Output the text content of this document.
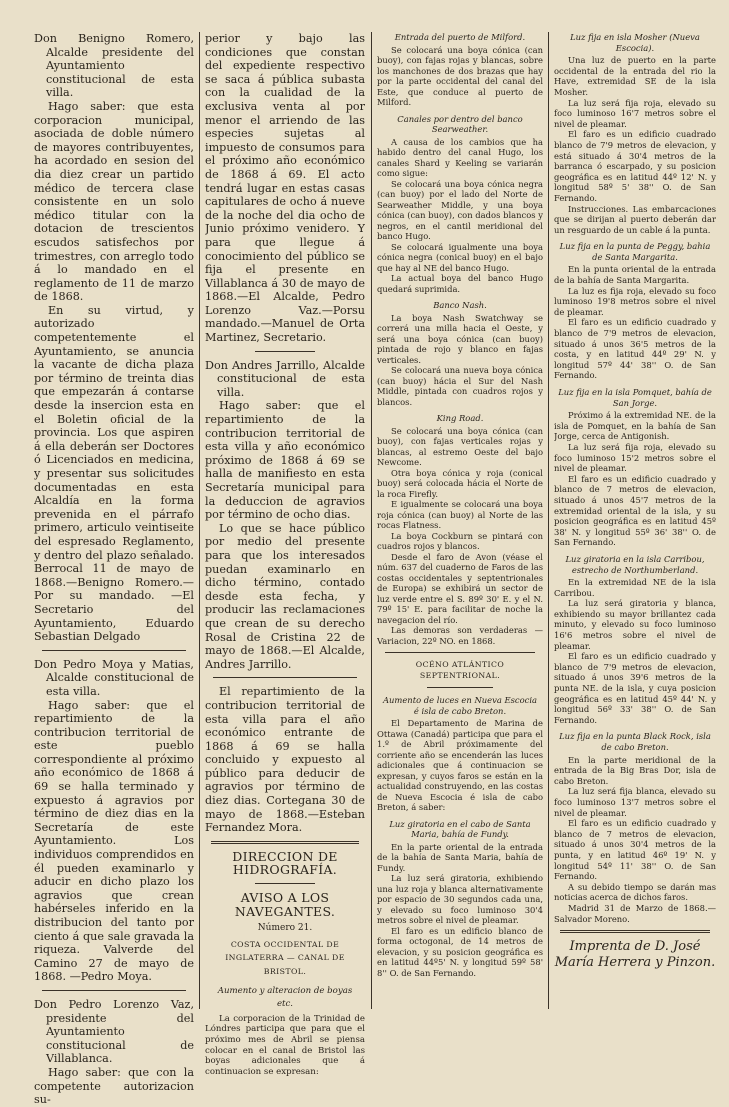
Don Benigno Romero, Alcalde presidente del Ayuntamiento constitucional de esta villa.

Hago saber: que esta corporacion municipal, asociada de doble número de mayores contribuyentes, ha acordado en sesion del dia diez crear un partido médico de tercera clase consistente en un solo médico titular con la dotacion de trescientos escudos satisfechos por trimestres, con arreglo todo á lo mandado en el reglamento de 11 de marzo de 1868.

En su virtud, y autorizado competentemente el Ayuntamiento, se anuncia la vacante de dicha plaza por término de treinta dias que empezarán á contarse desde la insercion esta en el Boletin oficial de la provincia. Los que aspiren á ella deberán ser Doctores ó Licenciados en medicina, y presentar sus solicitudes documentadas en esta Alcaldía en la forma prevenida en el párrafo primero, articulo veintiseite del espresado Reglamento, y dentro del plazo señalado. Berrocal 11 de mayo de 1868.—Benigno Romero.—Por su mandado. —El Secretario del Ayuntamiento, Eduardo Sebastian Delgado

Don Pedro Moya y Matias, Alcalde constitucional de esta villa.

Hago saber: que el repartimiento de la contribucion territorial de este pueblo correspondiente al próximo año económico de 1868 á 69 se halla terminado y expuesto á agravios por término de diez dias en la Secretaría de este Ayuntamiento. Los individuos comprendidos en él pueden examinarlo y aducir en dicho plazo los agravios que crean habérseles inferido en la distribucion del tanto por ciento á que sale gravada la riqueza. Valverde del Camino 27 de mayo de 1868. —Pedro Moya.

Don Pedro Lorenzo Vaz, presidente del Ayuntamiento constitucional de Villablanca.

Hago saber: que con la competente autorizacion su-

perior y bajo las condiciones que constan del expediente respectivo se saca á pública subasta con la cualidad de la exclusiva venta al por menor el arriendo de las especies sujetas al impuesto de consumos para el próximo año económico de 1868 á 69. El acto tendrá lugar en estas casas capitulares de ocho á nueve de la noche del dia ocho de Junio próximo venidero. Y para que llegue á conocimiento del público se fija el presente en Villablanca á 30 de mayo de 1868.—El Alcalde, Pedro Lorenzo Vaz.—Porsu mandado.—Manuel de Orta Martinez, Secretario.

Don Andres Jarrillo, Alcalde constitucional de esta villa.

Hago saber: que el repartimiento de la contribucion territorial de esta villa y año económico próximo de 1868 á 69 se halla de manifiesto en esta Secretaría municipal para la deduccion de agravios por término de ocho dias.

Lo que se hace público por medio del presente para que los interesados puedan examinarlo en dicho término, contado desde esta fecha, y producir las reclamaciones que crean de su derecho Rosal de Cristina 22 de mayo de 1868.—El Alcalde, Andres Jarrillo.

El repartimiento de la contribucion territorial de esta villa para el año económico entrante de 1868 á 69 se halla concluido y expuesto al público para deducir de agravios por término de diez dias. Cortegana 30 de mayo de 1868.—Esteban Fernandez Mora.

DIRECCION DE HIDROGRAFÍA.

AVISO A LOS NAVEGANTES.

Número 21.

COSTA OCCIDENTAL DE INGLATERRA — CANAL DE BRISTOL.

Aumento y alteracion de boyas etc.

La corporacion de la Trinidad de Lóndres participa que para que el próximo mes de Abril se piensa colocar en el canal de Bristol las boyas adicionales que á continuacion se expresan:

Entrada del puerto de Milford.

Se colocará una boya cónica (can buoy), con fajas rojas y blancas, sobre los manchones de dos brazas que hay por la parte occidental del canal del Este, que conduce al puerto de Milford.

Canales por dentro del banco Searweather.

A causa de los cambios que ha habido dentro del canal Hugo, los canales Shard y Keeling se variarán como sigue:

Se colocará una boya cónica negra (can buoy) por el lado del Norte de Searweather Middle, y una boya cónica (can buoy), con dados blancos y negros, en el cantil meridional del banco Hugo.

Se colocará igualmente una boya cónica negra (conical buoy) en el bajo que hay al NE del banco Hugo.

La actual boya del banco Hugo quedará suprimida.

Banco Nash.

La boya Nash Swatchway se correrá una milla hacia el Oeste, y será una boya cónica (can buoy) pintada de rojo y blanco en fajas verticales.

Se colocará una nueva boya cónica (can buoy) hácia el Sur del Nash Middle, pintada con cuadros rojos y blancos.

King Road.

Se colocará una boya cónica (can buoy), con fajas verticales rojas y blancas, al estremo Oeste del bajo Newcome.

Otra boya cónica y roja (conical buoy) será colocada hácia el Norte de la roca Firefly.

E igualmente se colocará una boya roja cónica (can buoy) al Norte de las rocas Flatness.

La boya Cockburn se pintará con cuadros rojos y blancos.

Desde el faro de Avon (véase el núm. 637 del cuaderno de Faros de las costas occidentales y septentrionales de Europa) se exhibirá un sector de luz verde entre el S. 89º 30' E. y el N. 79º 15' E. para facilitar de noche la navegacion del río.

Las demoras son verdaderas —Variacion, 22º NO. en 1868.

OCÉNO ATLÁNTICO SEPTENTRIONAL.

Aumento de luces en Nueva Escocia é isla de cabo Breton.

El Departamento de Marina de Ottawa (Canadá) participa que para el 1.º de Abril próximamente del corriente año se encenderán las luces adicionales que á continuacion se expresan, y cuyos faros se están en la actualidad construyendo, en las costas de Nueva Escocia é isla de cabo Breton, á saber:

Luz giratoria en el cabo de Santa Maria, bahía de Fundy.

En la parte oriental de la entrada de la bahía de Santa Maria, bahía de Fundy.

La luz será giratoria, exhibiendo una luz roja y blanca alternativamente por espacio de 30 segundos cada una, y elevado su foco luminoso 30'4 metros sobre el nivel de pleamar.

El faro es un edificio blanco de forma octogonal, de 14 metros de elevacion, y su posicion geográfica es en latitud 44º5' N. y longitud 59º 58' 8'' O. de San Fernando.

Luz fija en isla Mosher (Nueva Escocia).

Una luz de puerto en la parte occidental de la entrada del rio la Have, extremidad SE de la isla Mosher.

La luz será fija roja, elevado su foco luminoso 16'7 metros sobre el nivel de pleamar.

El faro es un edificio cuadrado blanco de 7'9 metros de elevacion, y está situado á 30'4 metros de la barranca ó escarpado, y su posicion geográfica es en latitud 44º 12' N. y longitud 58º 5' 38'' O. de San Fernando.

Instrucciones. Las embarcaciones que se dirijan al puerto deberán dar un resguardo de un cable á la punta.

Luz fija en la punta de Peggy, bahia de Santa Margarita.

En la punta oriental de la entrada de la bahía de Santa Margarita.

La luz es fija roja, elevado su foco luminoso 19'8 metros sobre el nivel de pleamar.

El faro es un edificio cuadrado y blanco de 7'9 metros de elevacion, situado á unos 36'5 metros de la costa, y en latitud 44º 29' N. y longitud 57º 44' 38'' O. de San Fernando.

Luz fija en la isla Pomquet, bahía de San Jorge.

Próximo á la extremidad NE. de la isla de Pomquet, en la bahía de San Jorge, cerca de Antigonish.

La luz será fija roja, elevado su foco luminoso 15'2 metros sobre el nivel de pleamar.

El faro es un edificio cuadrado y blanco de 7 metros de elevacion, situado á unos 45'7 metros de la extremidad oriental de la isla, y su posicion geográfica es en latitud 45º 38' N. y longitud 55º 36' 38'' O. de San Fernando.

Luz giratoria en la isla Carribou, estrecho de Northumberland.

En la extremidad NE de la isla Carribou.

La luz será giratoria y blanca, exhibiendo su mayor brillantez cada minuto, y elevado su foco luminoso 16'6 metros sobre el nivel de pleamar.

El faro es un edificio cuadrado y blanco de 7'9 metros de elevacion, situado á unos 39'6 metros de la punta NE. de la isla, y cuya posicion geográfica es en latitud 45º 44' N. y longitud 56º 33' 38'' O. de San Fernando.

Luz fija en la punta Black Rock, isla de cabo Breton.

En la parte meridional de la entrada de la Big Bras Dor, isla de cabo Breton.

La luz será fija blanca, elevado su foco luminoso 13'7 metros sobre el nivel de pleamar.

El faro es un edificio cuadrado y blanco de 7 metros de elevacion, situado á unos 30'4 metros de la punta, y en latitud 46º 19' N. y longitud 54º 11' 38'' O. de San Fernando.

A su debido tiempo se darán mas noticias acerca de dichos faros.

Madrid 31 de Marzo de 1868.— Salvador Moreno.

Imprenta de D. José María Herrera y Pinzon.
